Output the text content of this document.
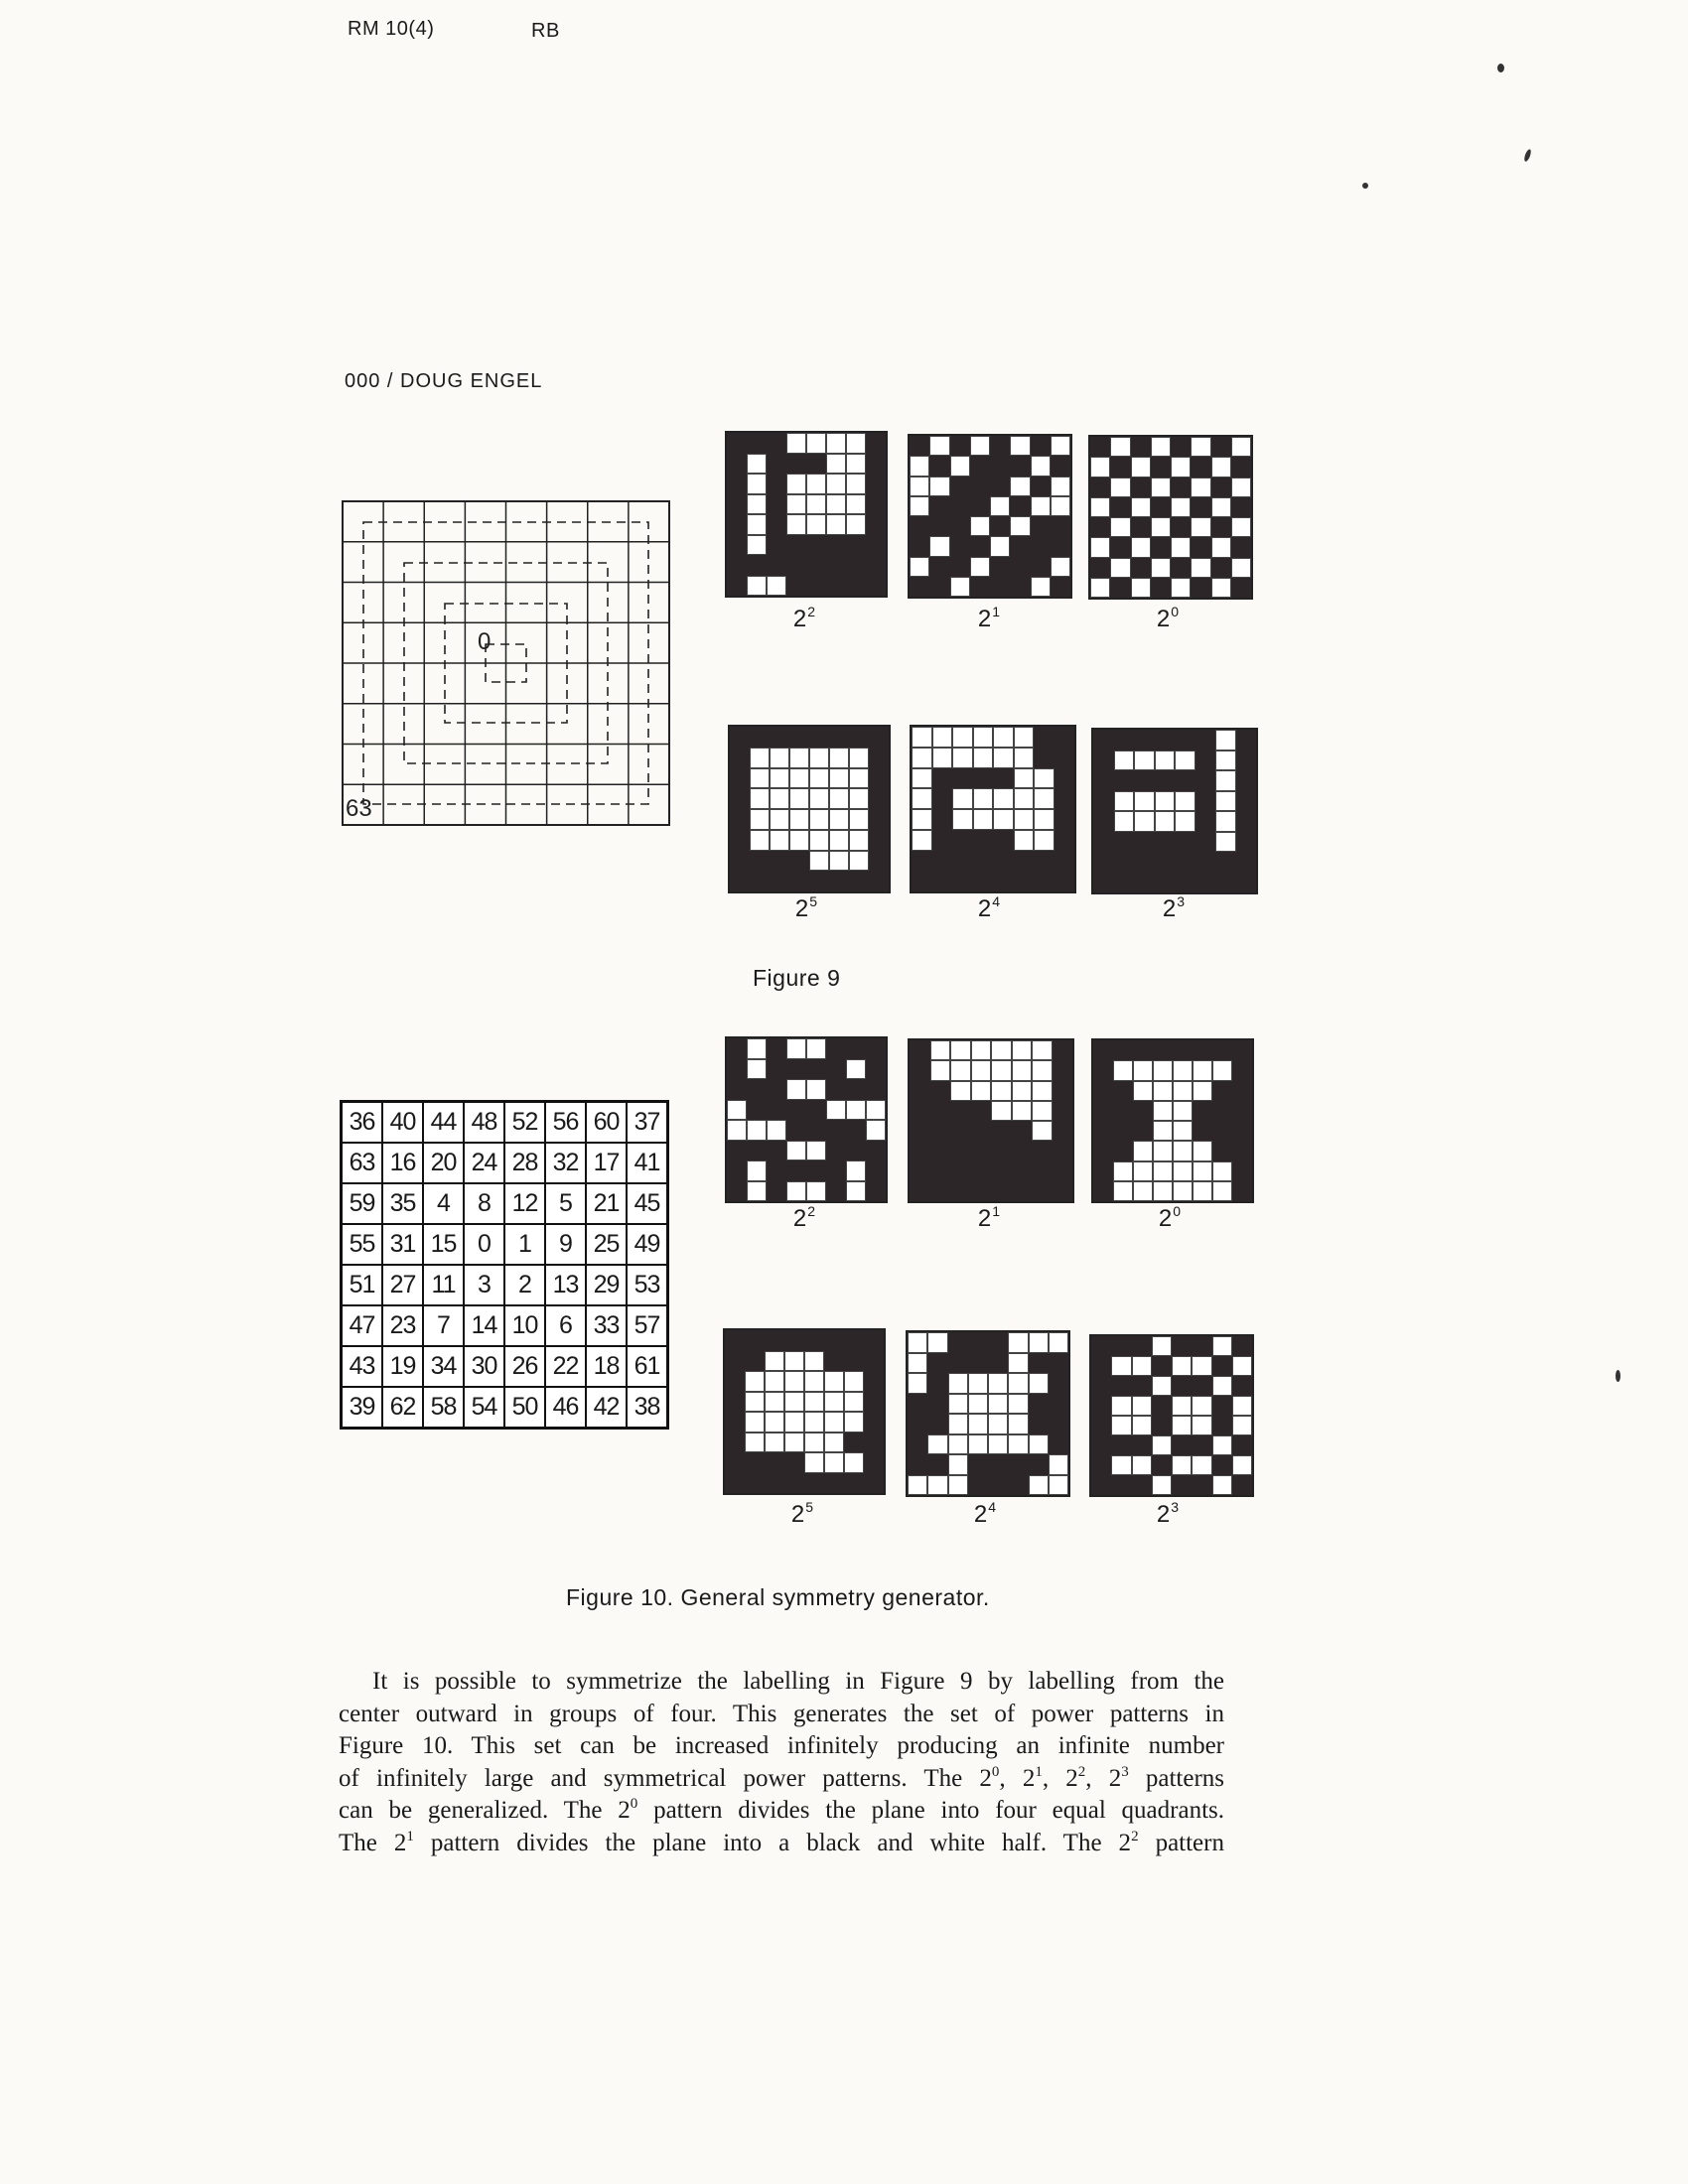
RM 10(4)	RB
000 / DOUG ENGEL
63
0
$2^2$	$2^1$	$2^0$
$2^5$	$2^4$	$2^3$
Figure 9
36 40 44 48 52 56 60 37
63 16 20 24 28 32 17 41
59 35 4	8 12 5 21 45
55 31 15 0	1	9 25 49
51 27 11 3	2 13 29 53
47 23 7 14 10 6 33 57
43 19 34 30 26 22 18 61
39 62 58 54 50 46 42 38
$2^2$	$2^1$	$2^0$
$2^5$	$2^4$	$2^3$
Figure 10. General symmetry generator.
It is possible to symmetrize the labelling in Figure 9 by labelling from the
center outward in groups of four. This generates the set of power patterns in
Figure 10. This set can be increased infinitely producing an infinite number
of infinitely large and symmetrical power patterns. The $2^0$, $2^1$, $2^2$, $2^3$ patterns
can be generalized. The $2^0$ pattern divides the plane into four equal quadrants.
The $2^1$ pattern divides the plane into a black and white half. The $2^2$ pattern
